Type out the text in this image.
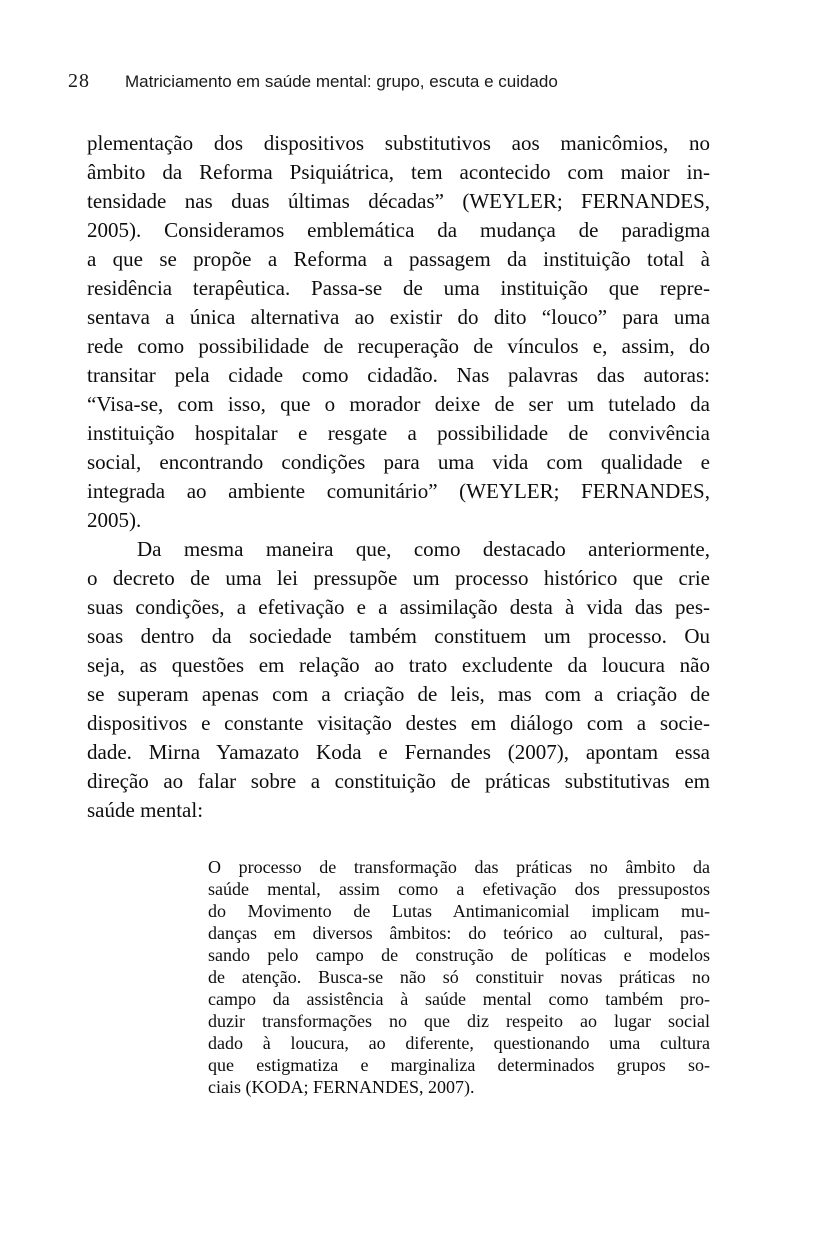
28	Matriciamento em saúde mental: grupo, escuta e cuidado
plementação dos dispositivos substitutivos aos manicômios, no
âmbito da Reforma Psiquiátrica, tem acontecido com maior in-
tensidade nas duas últimas décadas” (WEYLER; FERNANDES,
2005). Consideramos emblemática da mudança de paradigma
a que se propõe a Reforma a passagem da instituição total à
residência terapêutica. Passa-se de uma instituição que repre-
sentava a única alternativa ao existir do dito “louco” para uma
rede como possibilidade de recuperação de vínculos e, assim, do
transitar pela cidade como cidadão. Nas palavras das autoras:
“Visa-se, com isso, que o morador deixe de ser um tutelado da
instituição hospitalar e resgate a possibilidade de convivência
social, encontrando condições para uma vida com qualidade e
integrada ao ambiente comunitário” (WEYLER; FERNANDES,
2005).
Da mesma maneira que, como destacado anteriormente,
o decreto de uma lei pressupõe um processo histórico que crie
suas condições, a efetivação e a assimilação desta à vida das pes-
soas dentro da sociedade também constituem um processo. Ou
seja, as questões em relação ao trato excludente da loucura não
se superam apenas com a criação de leis, mas com a criação de
dispositivos e constante visitação destes em diálogo com a socie-
dade. Mirna Yamazato Koda e Fernandes (2007), apontam essa
direção ao falar sobre a constituição de práticas substitutivas em
saúde mental:
O processo de transformação das práticas no âmbito da
saúde mental, assim como a efetivação dos pressupostos
do Movimento de Lutas Antimanicomial implicam mu-
danças em diversos âmbitos: do teórico ao cultural, pas-
sando pelo campo de construção de políticas e modelos
de atenção. Busca-se não só constituir novas práticas no
campo da assistência à saúde mental como também pro-
duzir transformações no que diz respeito ao lugar social
dado à loucura, ao diferente, questionando uma cultura
que estigmatiza e marginaliza determinados grupos so-
ciais (KODA; FERNANDES, 2007).
